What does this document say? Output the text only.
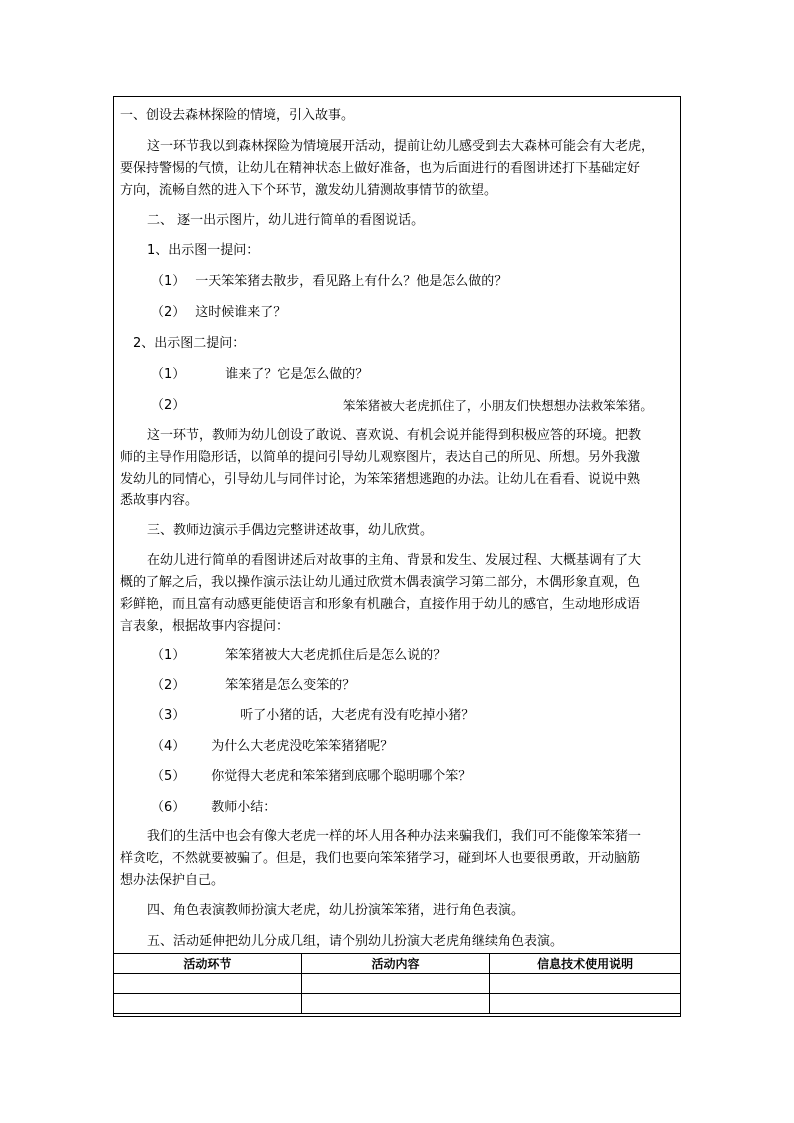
一、创设去森林探险的情境，引入故事。
这一环节我以到森林探险为情境展开活动，提前让幼儿感受到去大森林可能会有大老虎，
要保持警惕的气愤，让幼儿在精神状态上做好准备，也为后面进行的看图讲述打下基础定好
方向，流畅自然的进入下个环节，激发幼儿猜测故事情节的欲望。
二、 逐一出示图片，幼儿进行简单的看图说话。
1、出示图一提问：
（1） 一天笨笨猪去散步，看见路上有什么？他是怎么做的？
（2） 这时候谁来了？
2、出示图二提问：
（1）	谁来了？它是怎么做的？
（2）	笨笨猪被大老虎抓住了，小朋友们快想想办法救笨笨猪。
这一环节，教师为幼儿创设了敢说、喜欢说、有机会说并能得到积极应答的环境。把教
师的主导作用隐形话，以简单的提问引导幼儿观察图片，表达自己的所见、所想。另外我激
发幼儿的同情心，引导幼儿与同伴讨论，为笨笨猪想逃跑的办法。让幼儿在看看、说说中熟
悉故事内容。
三、教师边演示手偶边完整讲述故事，幼儿欣赏。
在幼儿进行简单的看图讲述后对故事的主角、背景和发生、发展过程、大概基调有了大
概的了解之后，我以操作演示法让幼儿通过欣赏木偶表演学习第二部分，木偶形象直观，色
彩鲜艳，而且富有动感更能使语言和形象有机融合，直接作用于幼儿的感官，生动地形成语
言表象，根据故事内容提问：
（1）	笨笨猪被大大老虎抓住后是怎么说的？
（2）	笨笨猪是怎么变笨的？
（3）	听了小猪的话，大老虎有没有吃掉小猪？
（4） 为什么大老虎没吃笨笨猪猪呢？
（5） 你觉得大老虎和笨笨猪到底哪个聪明哪个笨？
（6） 教师小结：
我们的生活中也会有像大老虎一样的坏人用各种办法来骗我们，我们可不能像笨笨猪一
样贪吃，不然就要被骗了。但是，我们也要向笨笨猪学习，碰到坏人也要很勇敢，开动脑筋
想办法保护自己。
四、角色表演教师扮演大老虎，幼儿扮演笨笨猪，进行角色表演。
五、活动延伸把幼儿分成几组，请个别幼儿扮演大老虎角继续角色表演。
活动环节	活动内容	信息技术使用说明
